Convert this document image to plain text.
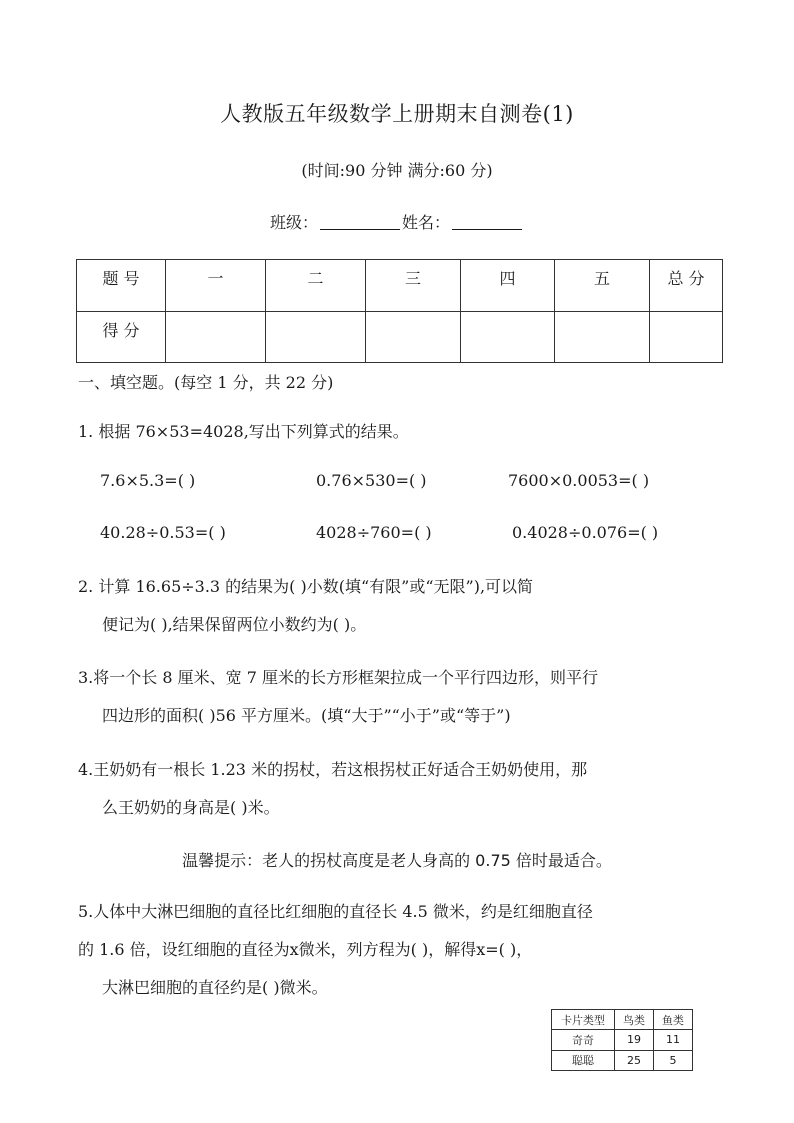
人教版五年级数学上册期末自测卷(1)
(时间:90 分钟 满分:60 分)
班级：	姓名：
题 号	一	二	三	四	五	总 分
得 分						
一、填空题。(每空 1 分，共 22 分)
1. 根据 76×53=4028,写出下列算式的结果。
7.6×5.3=( )	0.76×530=( )	7600×0.0053=( )
40.28÷0.53=( )	4028÷760=( )	0.4028÷0.076=( )
2. 计算 16.65÷3.3 的结果为( )小数(填“有限”或“无限”),可以简
便记为( ),结果保留两位小数约为( )。
3.将一个长 8 厘米、宽 7 厘米的长方形框架拉成一个平行四边形，则平行
四边形的面积( )56 平方厘米。(填“大于”“小于”或“等于”)
4.王奶奶有一根长 1.23 米的拐杖，若这根拐杖正好适合王奶奶使用，那
么王奶奶的身高是( )米。
温馨提示：老人的拐杖高度是老人身高的 0.75 倍时最适合。
5.人体中大淋巴细胞的直径比红细胞的直径长 4.5 微米，约是红细胞直径
的 1.6 倍，设红细胞的直径为x微米，列方程为( )，解得x=( )，
大淋巴细胞的直径约是( )微米。
卡片类型	鸟类	鱼类
奇奇	19	11
聪聪	25	5
